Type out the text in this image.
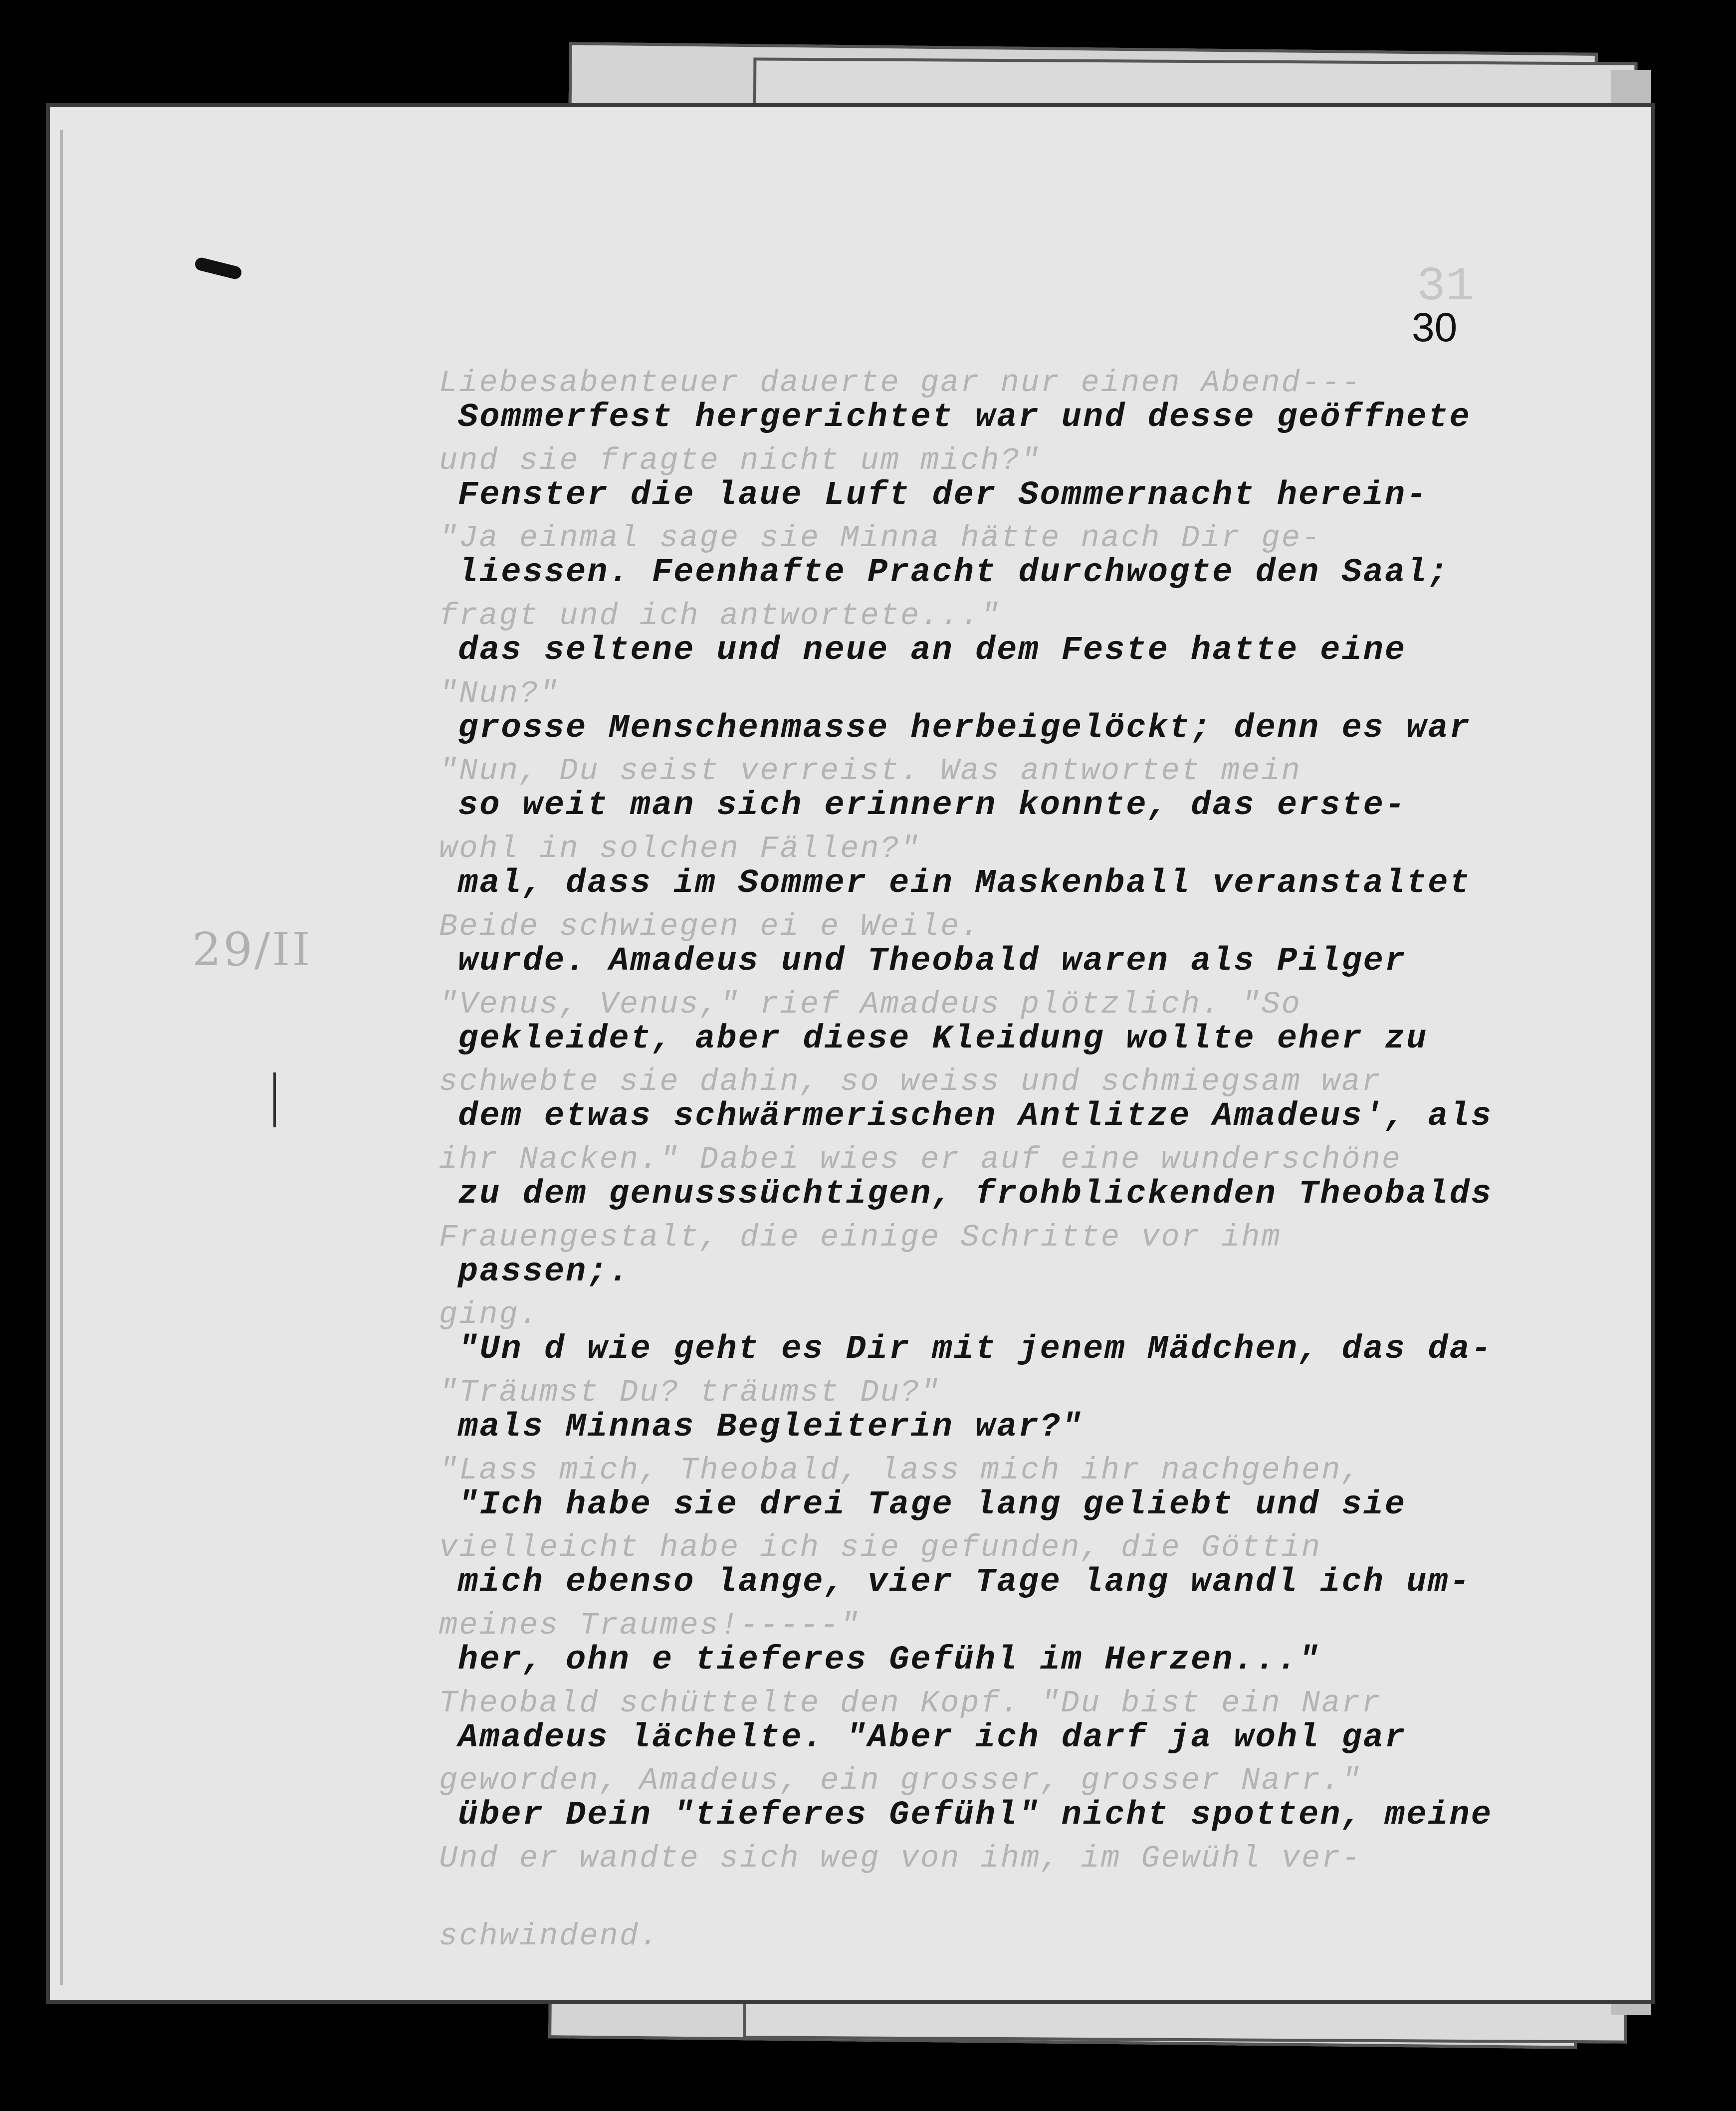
29/II
31
30
Liebesabenteuer dauerte gar nur einen Abend---
und sie fragte nicht um mich?"
"Ja einmal sage sie Minna hätte nach Dir ge-
fragt und ich antwortete..."
"Nun?"
"Nun, Du seist verreist. Was antwortet mein
wohl in solchen Fällen?"
Beide schwiegen ei e Weile.
"Venus, Venus," rief Amadeus plötzlich. "So
schwebte sie dahin, so weiss und schmiegsam war
ihr Nacken." Dabei wies er auf eine wunderschöne
Frauengestalt, die einige Schritte vor ihm
ging.
"Träumst Du? träumst Du?"
"Lass mich, Theobald, lass mich ihr nachgehen,
vielleicht habe ich sie gefunden, die Göttin
meines Traumes!-----"
Theobald schüttelte den Kopf. "Du bist ein Narr
geworden, Amadeus, ein grosser, grosser Narr."
Und er wandte sich weg von ihm, im Gewühl ver-
schwindend.
Sommerfest hergerichtet war und desse geöffnete
Fenster die laue Luft der Sommernacht herein-
liessen. Feenhafte Pracht durchwogte den Saal;
das seltene und neue an dem Feste hatte eine
grosse Menschenmasse herbeigelöckt; denn es war
so weit man sich erinnern konnte, das erste-
mal, dass im Sommer ein Maskenball veranstaltet
wurde. Amadeus und Theobald waren als Pilger
gekleidet, aber diese Kleidung wollte eher zu
dem etwas schwärmerischen Antlitze Amadeus', als
zu dem genusssüchtigen, frohblickenden Theobalds
passen;.
"Un d wie geht es Dir mit jenem Mädchen, das da-
mals Minnas Begleiterin war?"
"Ich habe sie drei Tage lang geliebt und sie
mich ebenso lange, vier Tage lang wandl ich um-
her, ohn e tieferes Gefühl im Herzen..."
Amadeus lächelte. "Aber ich darf ja wohl gar
über Dein "tieferes Gefühl" nicht spotten, meine
